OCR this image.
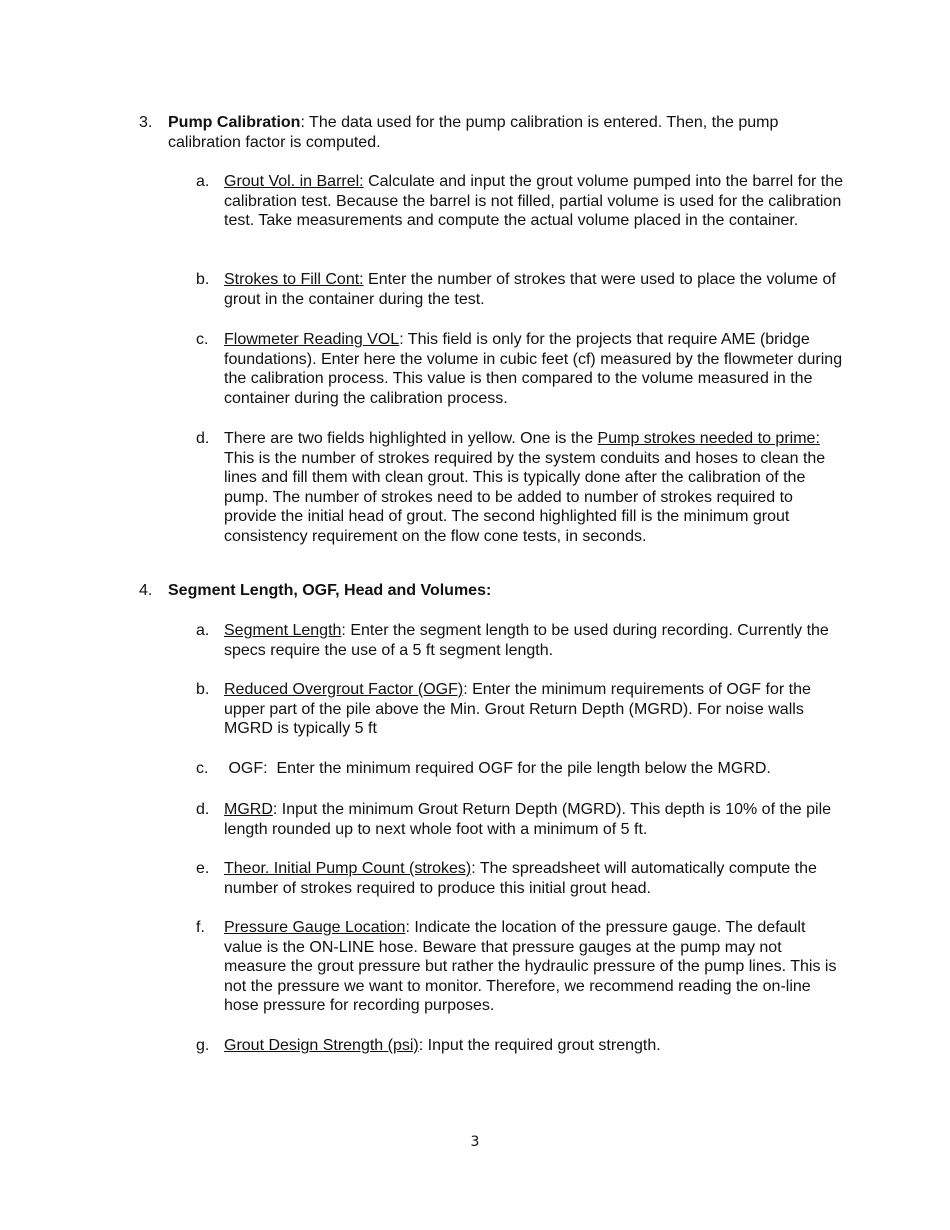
3. Pump Calibration: The data used for the pump calibration is entered. Then, the pump calibration factor is computed.
a. Grout Vol. in Barrel: Calculate and input the grout volume pumped into the barrel for the calibration test. Because the barrel is not filled, partial volume is used for the calibration test. Take measurements and compute the actual volume placed in the container.
b. Strokes to Fill Cont: Enter the number of strokes that were used to place the volume of grout in the container during the test.
c. Flowmeter Reading VOL: This field is only for the projects that require AME (bridge foundations). Enter here the volume in cubic feet (cf) measured by the flowmeter during the calibration process. This value is then compared to the volume measured in the container during the calibration process.
d. There are two fields highlighted in yellow. One is the Pump strokes needed to prime: This is the number of strokes required by the system conduits and hoses to clean the lines and fill them with clean grout. This is typically done after the calibration of the pump. The number of strokes need to be added to number of strokes required to provide the initial head of grout. The second highlighted fill is the minimum grout consistency requirement on the flow cone tests, in seconds.
4. Segment Length, OGF, Head and Volumes:
a. Segment Length: Enter the segment length to be used during recording. Currently the specs require the use of a 5 ft segment length.
b. Reduced Overgrout Factor (OGF): Enter the minimum requirements of OGF for the upper part of the pile above the Min. Grout Return Depth (MGRD). For noise walls MGRD is typically 5 ft
c. OGF:  Enter the minimum required OGF for the pile length below the MGRD.
d. MGRD: Input the minimum Grout Return Depth (MGRD). This depth is 10% of the pile length rounded up to next whole foot with a minimum of 5 ft.
e. Theor. Initial Pump Count (strokes): The spreadsheet will automatically compute the number of strokes required to produce this initial grout head.
f. Pressure Gauge Location: Indicate the location of the pressure gauge. The default value is the ON-LINE hose. Beware that pressure gauges at the pump may not measure the grout pressure but rather the hydraulic pressure of the pump lines. This is not the pressure we want to monitor. Therefore, we recommend reading the on-line hose pressure for recording purposes.
g. Grout Design Strength (psi): Input the required grout strength.
3
